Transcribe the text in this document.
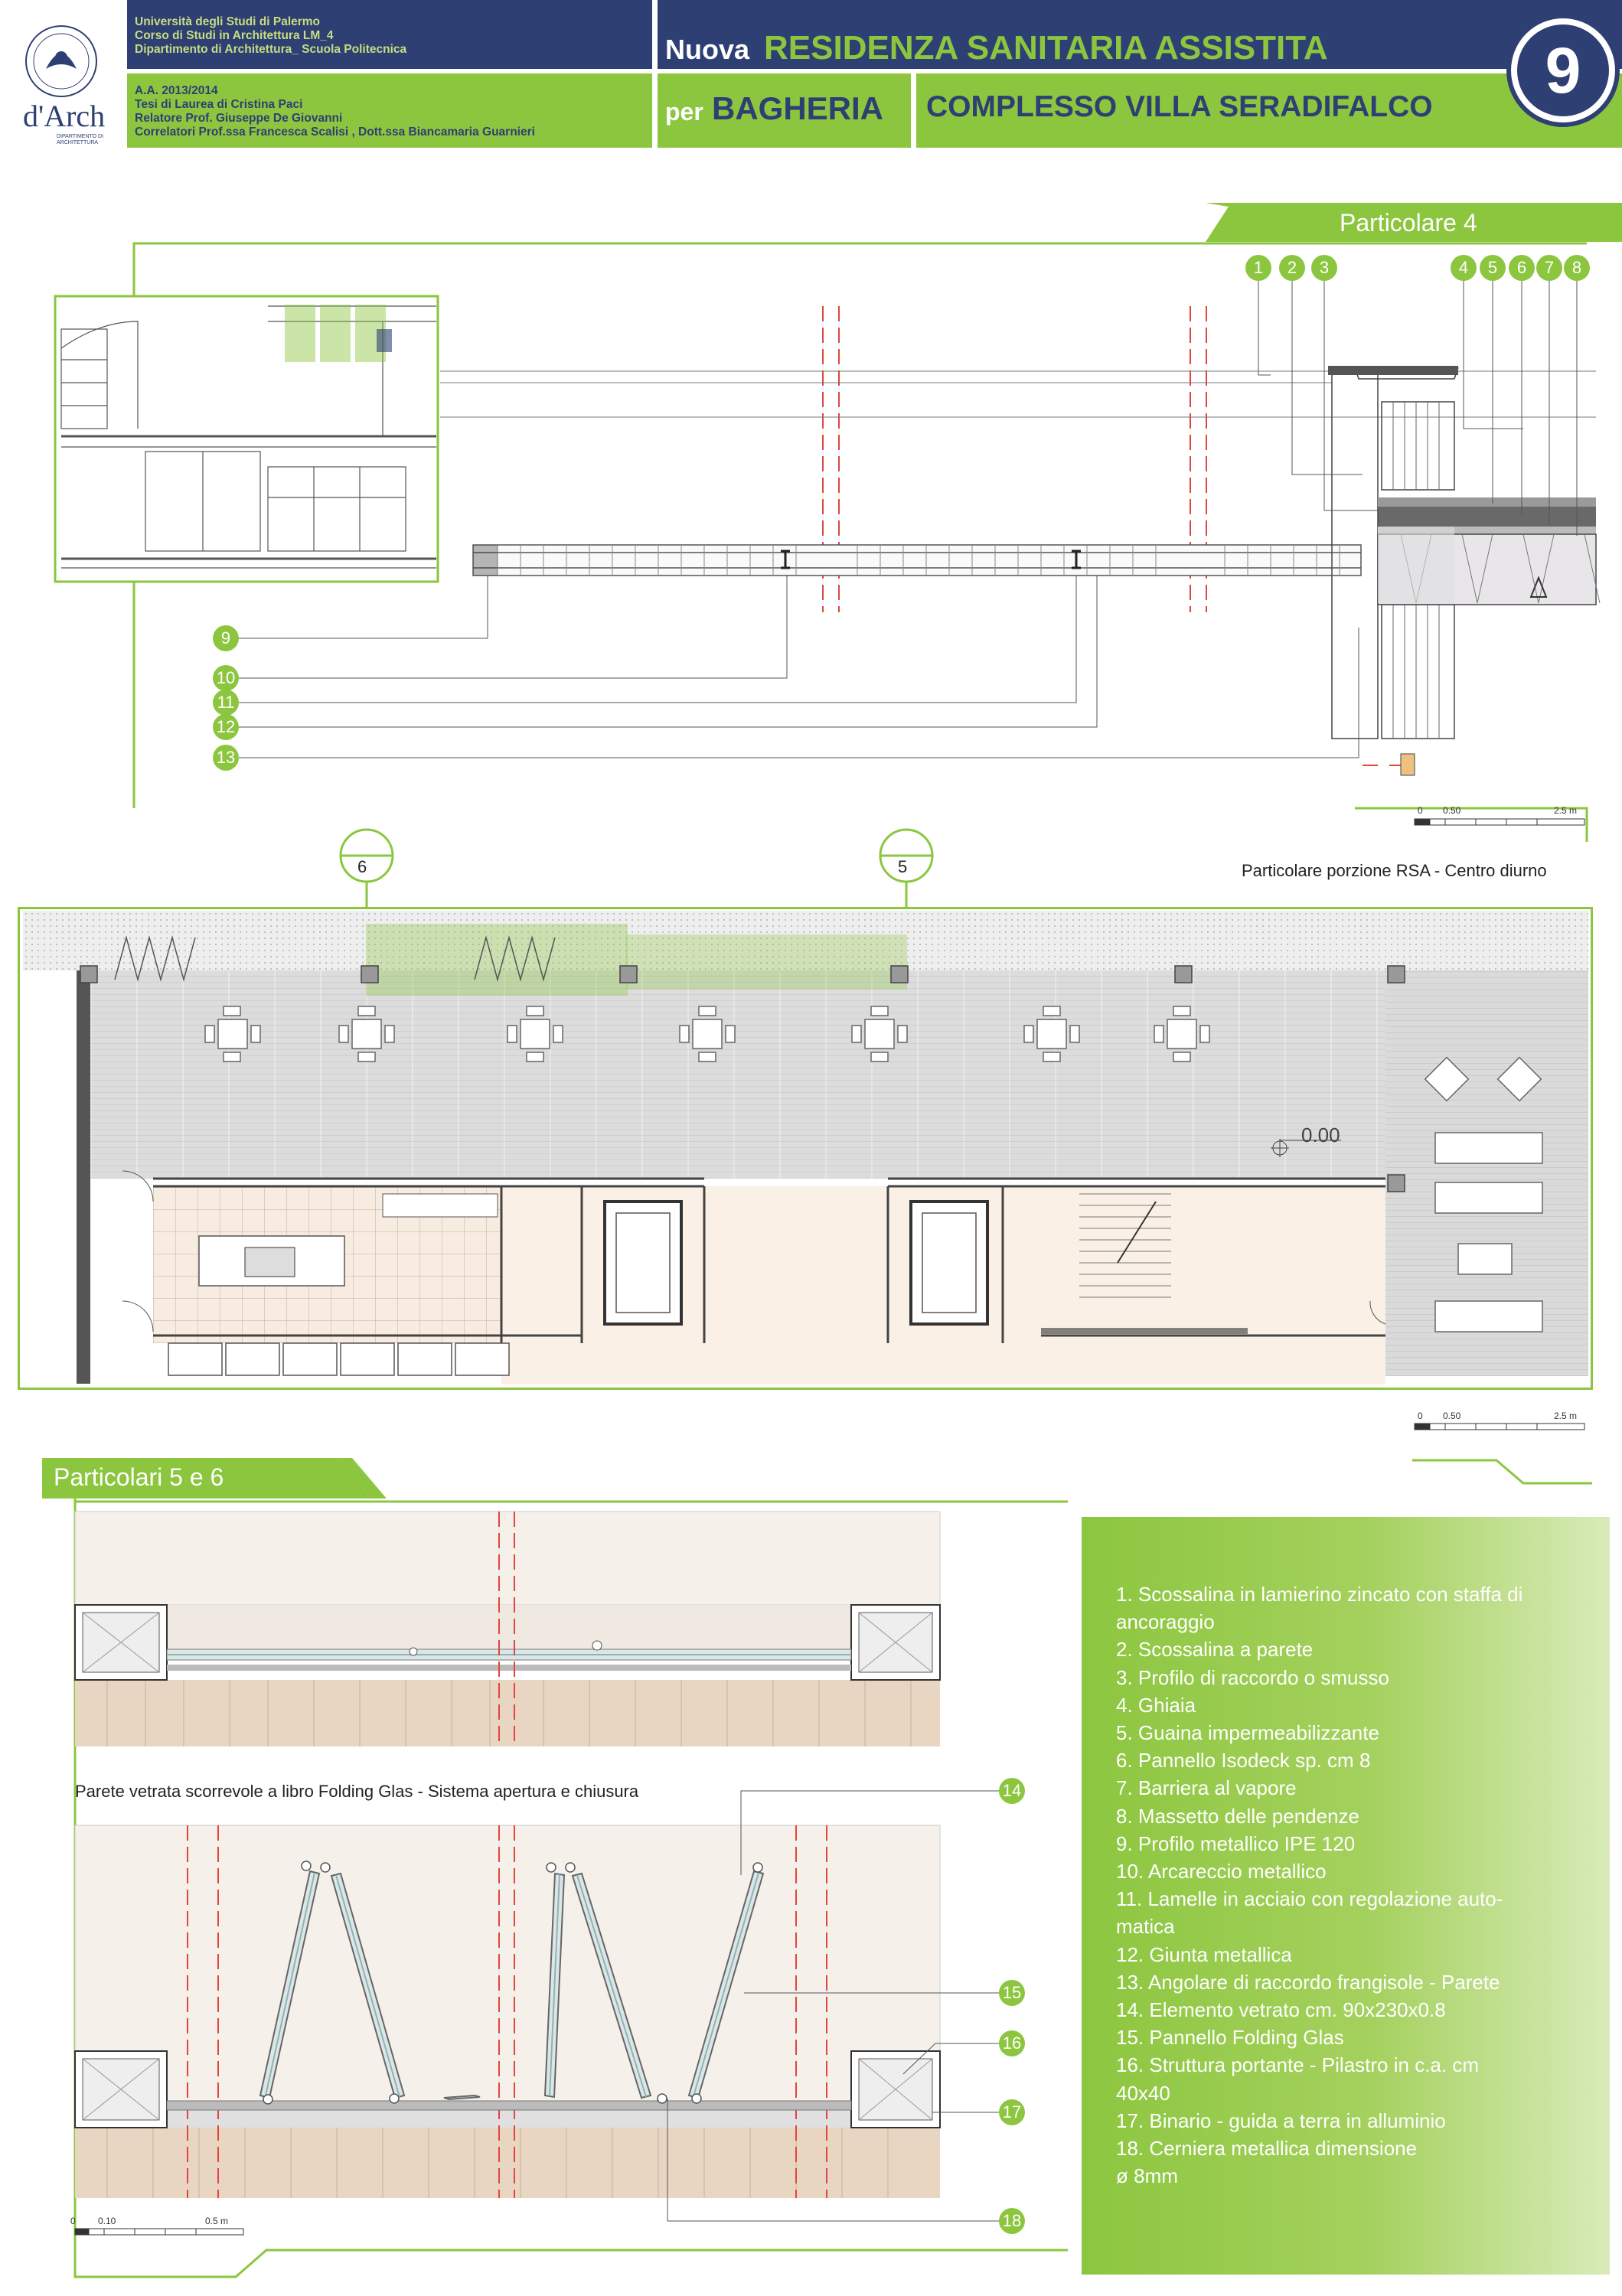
d'Arch
DIPARTIMENTO DI ARCHITETTURA
Università degli Studi di Palermo
Corso di Studi in Architettura LM_4
Dipartimento di Architettura_ Scuola Politecnica
A.A. 2013/2014
Tesi di Laurea di Cristina Paci
Relatore Prof. Giuseppe De Giovanni
Correlatori Prof.ssa Francesca Scalisi , Dott.ssa Biancamaria Guarnieri
Nuova RESIDENZA SANITARIA ASSISTITA
per BAGHERIA COMPLESSO VILLA SERADIFALCO
9
Particolare 4
1	2	3	4	5	6	7	8
9
10
11
12
13
0 0.50	2.5 m
6	5	Particolare porzione RSA - Centro diurno
0.00
0 0.50	2.5 m
Particolari 5 e 6
Parete vetrata scorrevole a libro Folding Glas - Sistema apertura e chiusura	14
15
16
17
18
0 0.10	0.5 m
1. Scossalina in lamierino zincato con staffa di
ancoraggio
2. Scossalina a parete
3. Profilo di raccordo o smusso
4. Ghiaia
5. Guaina impermeabilizzante
6. Pannello Isodeck sp. cm 8
7. Barriera al vapore
8. Massetto delle pendenze
9. Profilo metallico IPE 120
10. Arcareccio metallico
11. Lamelle in acciaio con regolazione auto-
matica
12. Giunta metallica
13. Angolare di raccordo frangisole - Parete
14. Elemento vetrato cm. 90x230x0.8
15. Pannello Folding Glas
16. Struttura portante - Pilastro in c.a. cm
40x40
17. Binario - guida a terra in alluminio
18. Cerniera metallica dimensione
ø 8mm
